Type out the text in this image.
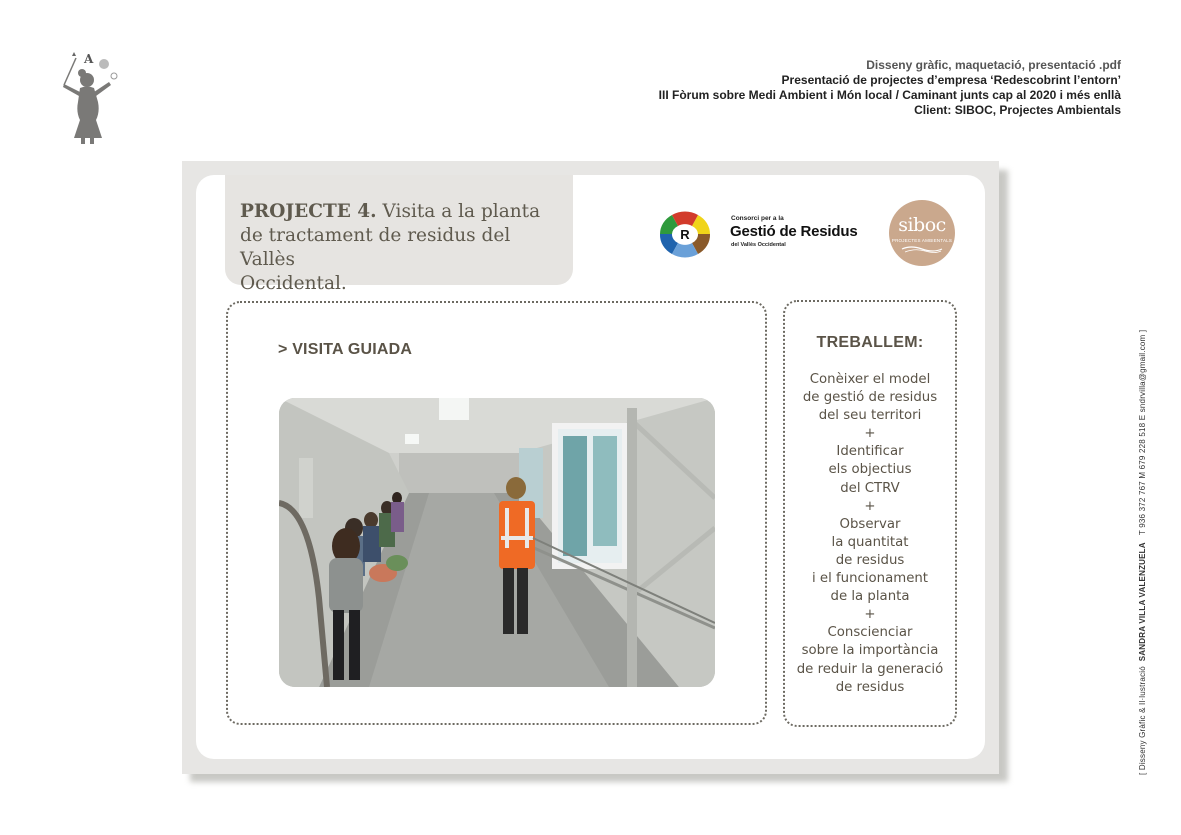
A	Disseny gràfic, maquetació, presentació .pdf
Presentació de projectes d’empresa ‘Redescobrint l’entorn’
III Fòrum sobre Medi Ambient i Món local / Caminant junts cap al 2020 i més enllà
Client: SIBOC, Projectes Ambientals
[ Disseny Gràfic & Il·lustració  SANDRA VILLA VALENZUELA   T 936 372 767 M 679 228 518 E sndrvilla@gmail.com ]
PROJECTE 4. Visita a la planta
de tractament de residus del Vallès
Occidental.
R
Consorci per a la
Gestió de Residus
del Vallès Occidental
siboc
PROJECTES AMBIENTALS
> VISITA GUIADA	TREBALLEM:
Conèixer el model
de gestió de residus
del seu territori
+
Identificar
els objectius
del CTRV
+
Observar
la quantitat
de residus
i el funcionament
de la planta
+
Conscienciar
sobre la importància
de reduir la generació
de residus
